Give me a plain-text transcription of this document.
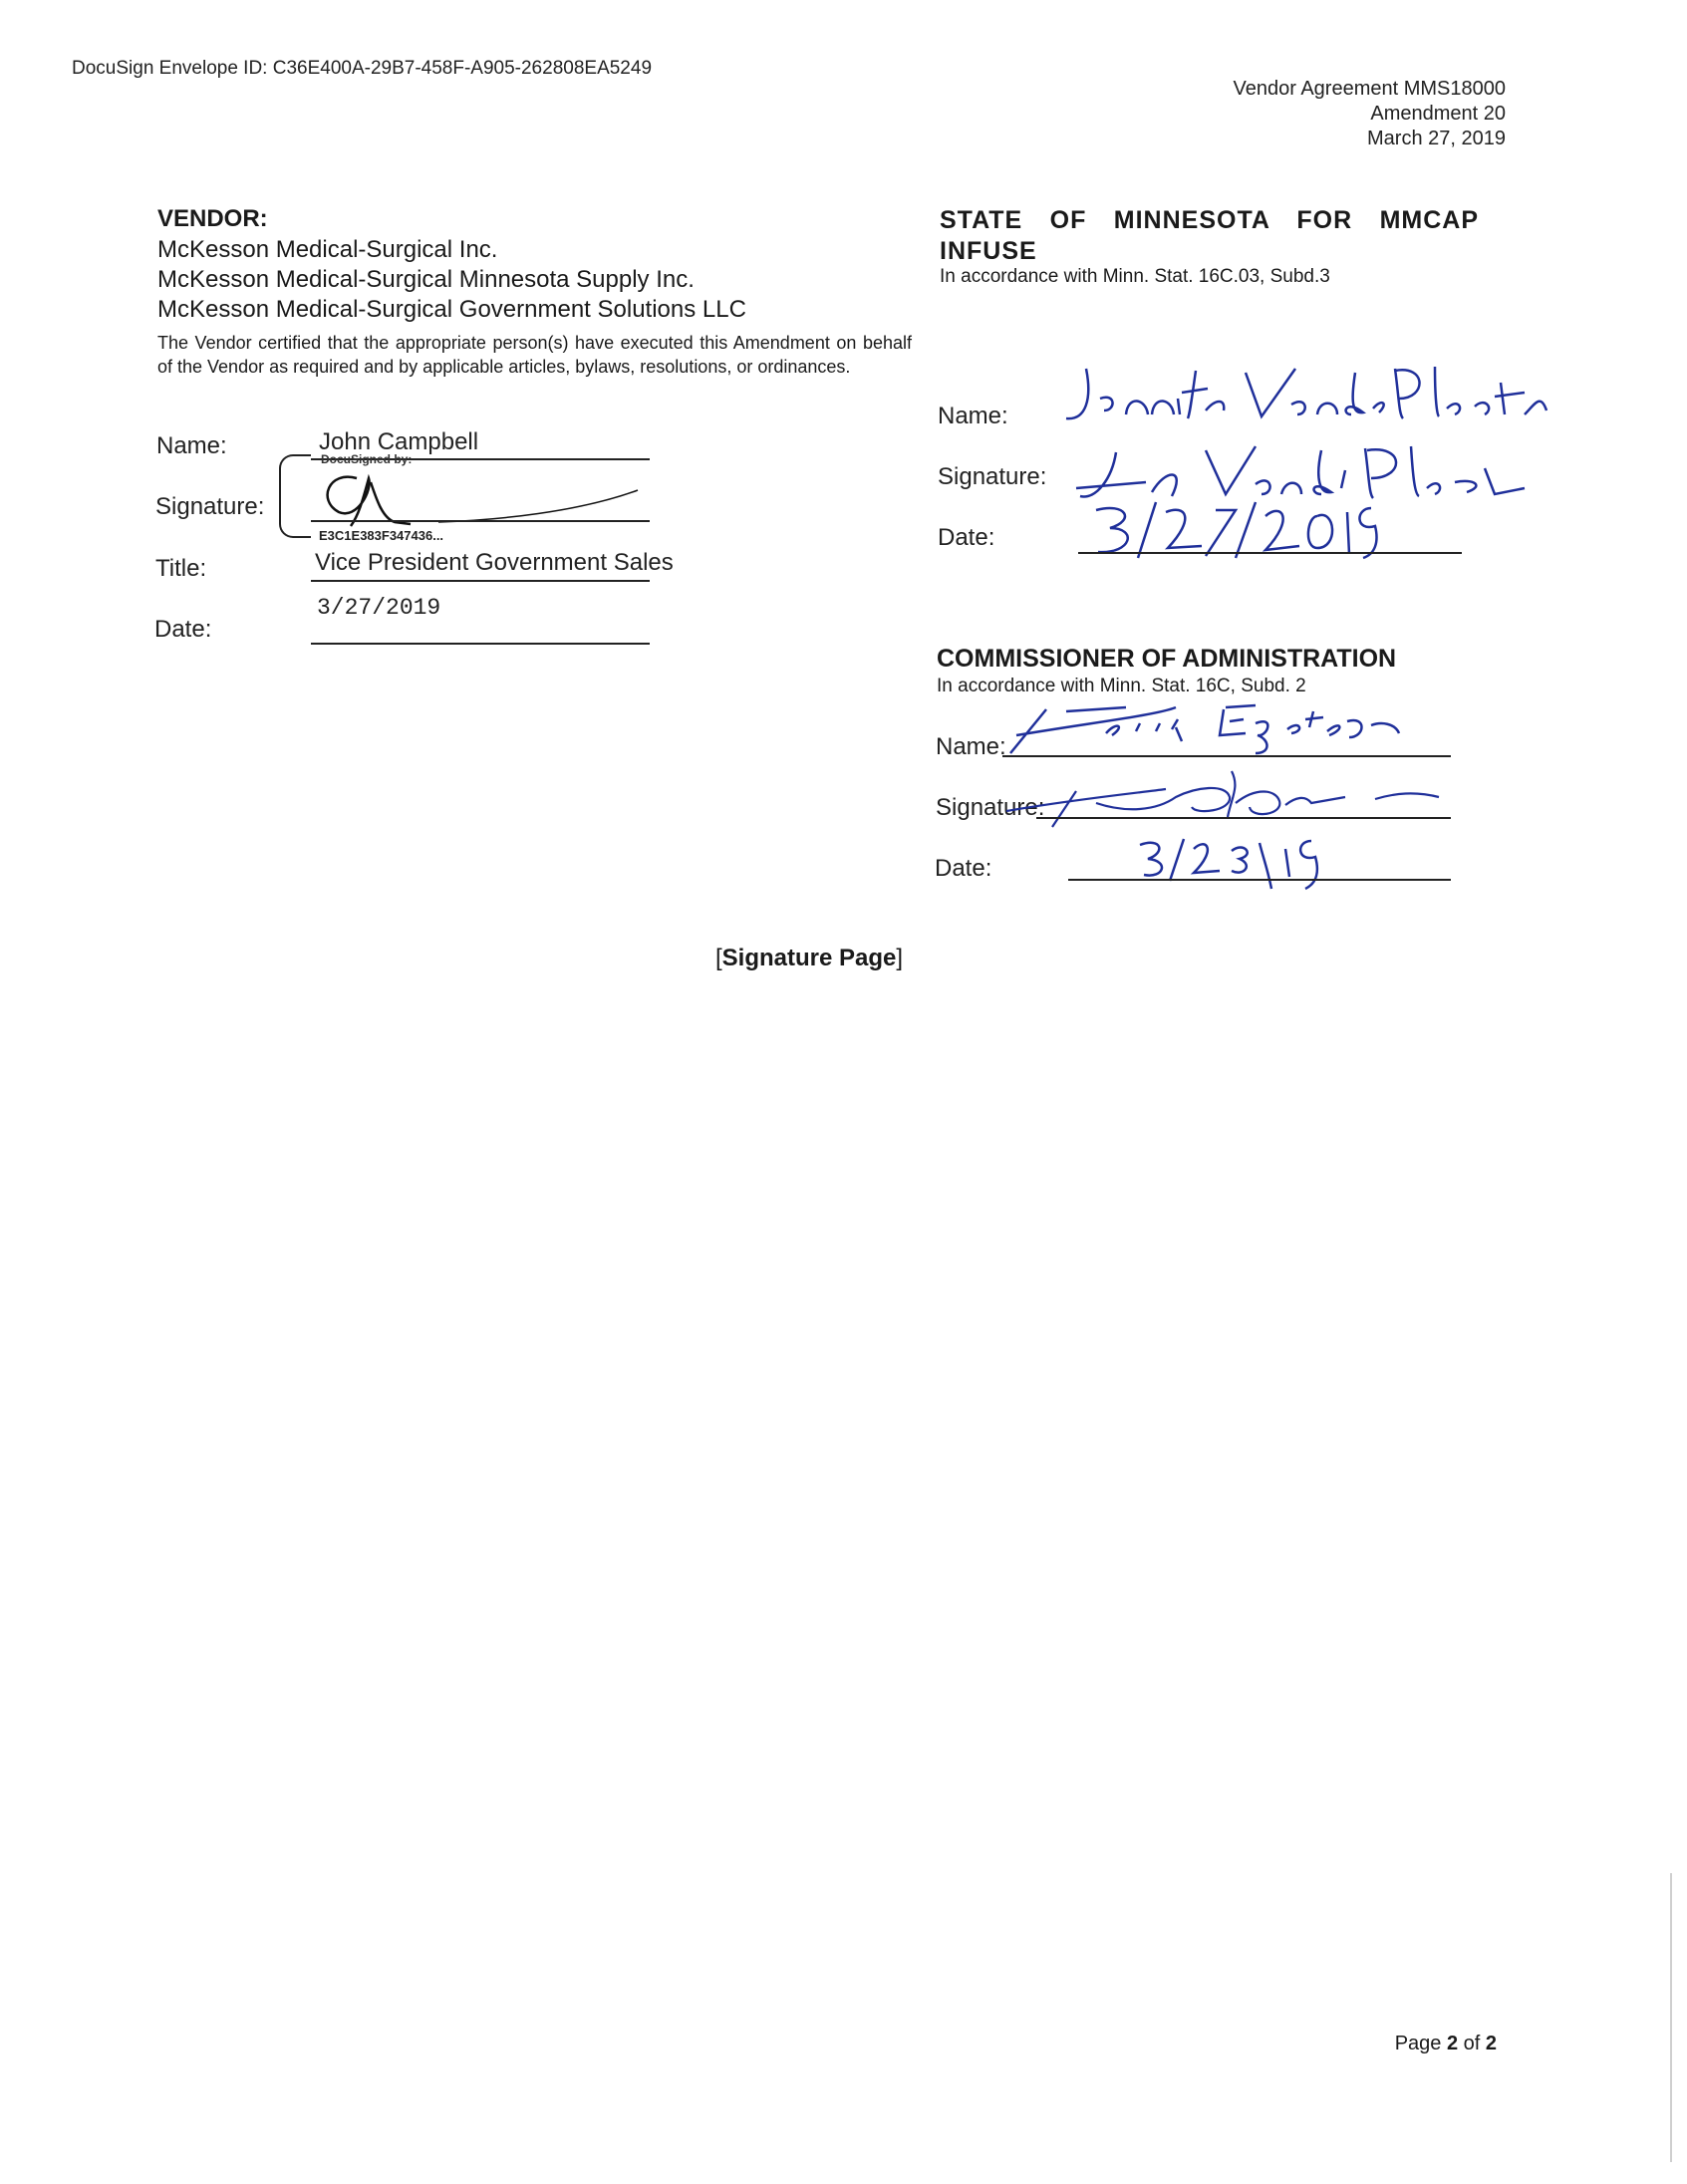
DocuSign Envelope ID: C36E400A-29B7-458F-A905-262808EA5249
Vendor Agreement MMS18000
Amendment 20
March 27, 2019
VENDOR:
McKesson Medical-Surgical Inc.
McKesson Medical-Surgical Minnesota Supply Inc.
McKesson Medical-Surgical Government Solutions LLC
The Vendor certified that the appropriate person(s) have executed this Amendment on behalf of the Vendor as required and by applicable articles, bylaws, resolutions, or ordinances.
Name:	John Campbell
DocuSigned by:
Signature:
E3C1E383F347436...
Title:	Vice President Government Sales
3/27/2019
Date:
STATE OF MINNESOTA FOR MMCAP INFUSE
In accordance with Minn. Stat. 16C.03, Subd.3
Name:
Signature:
Date:
COMMISSIONER OF ADMINISTRATION
In accordance with Minn. Stat. 16C, Subd. 2
Name:
Signature:
Date:
[Signature Page]
Page 2 of 2
